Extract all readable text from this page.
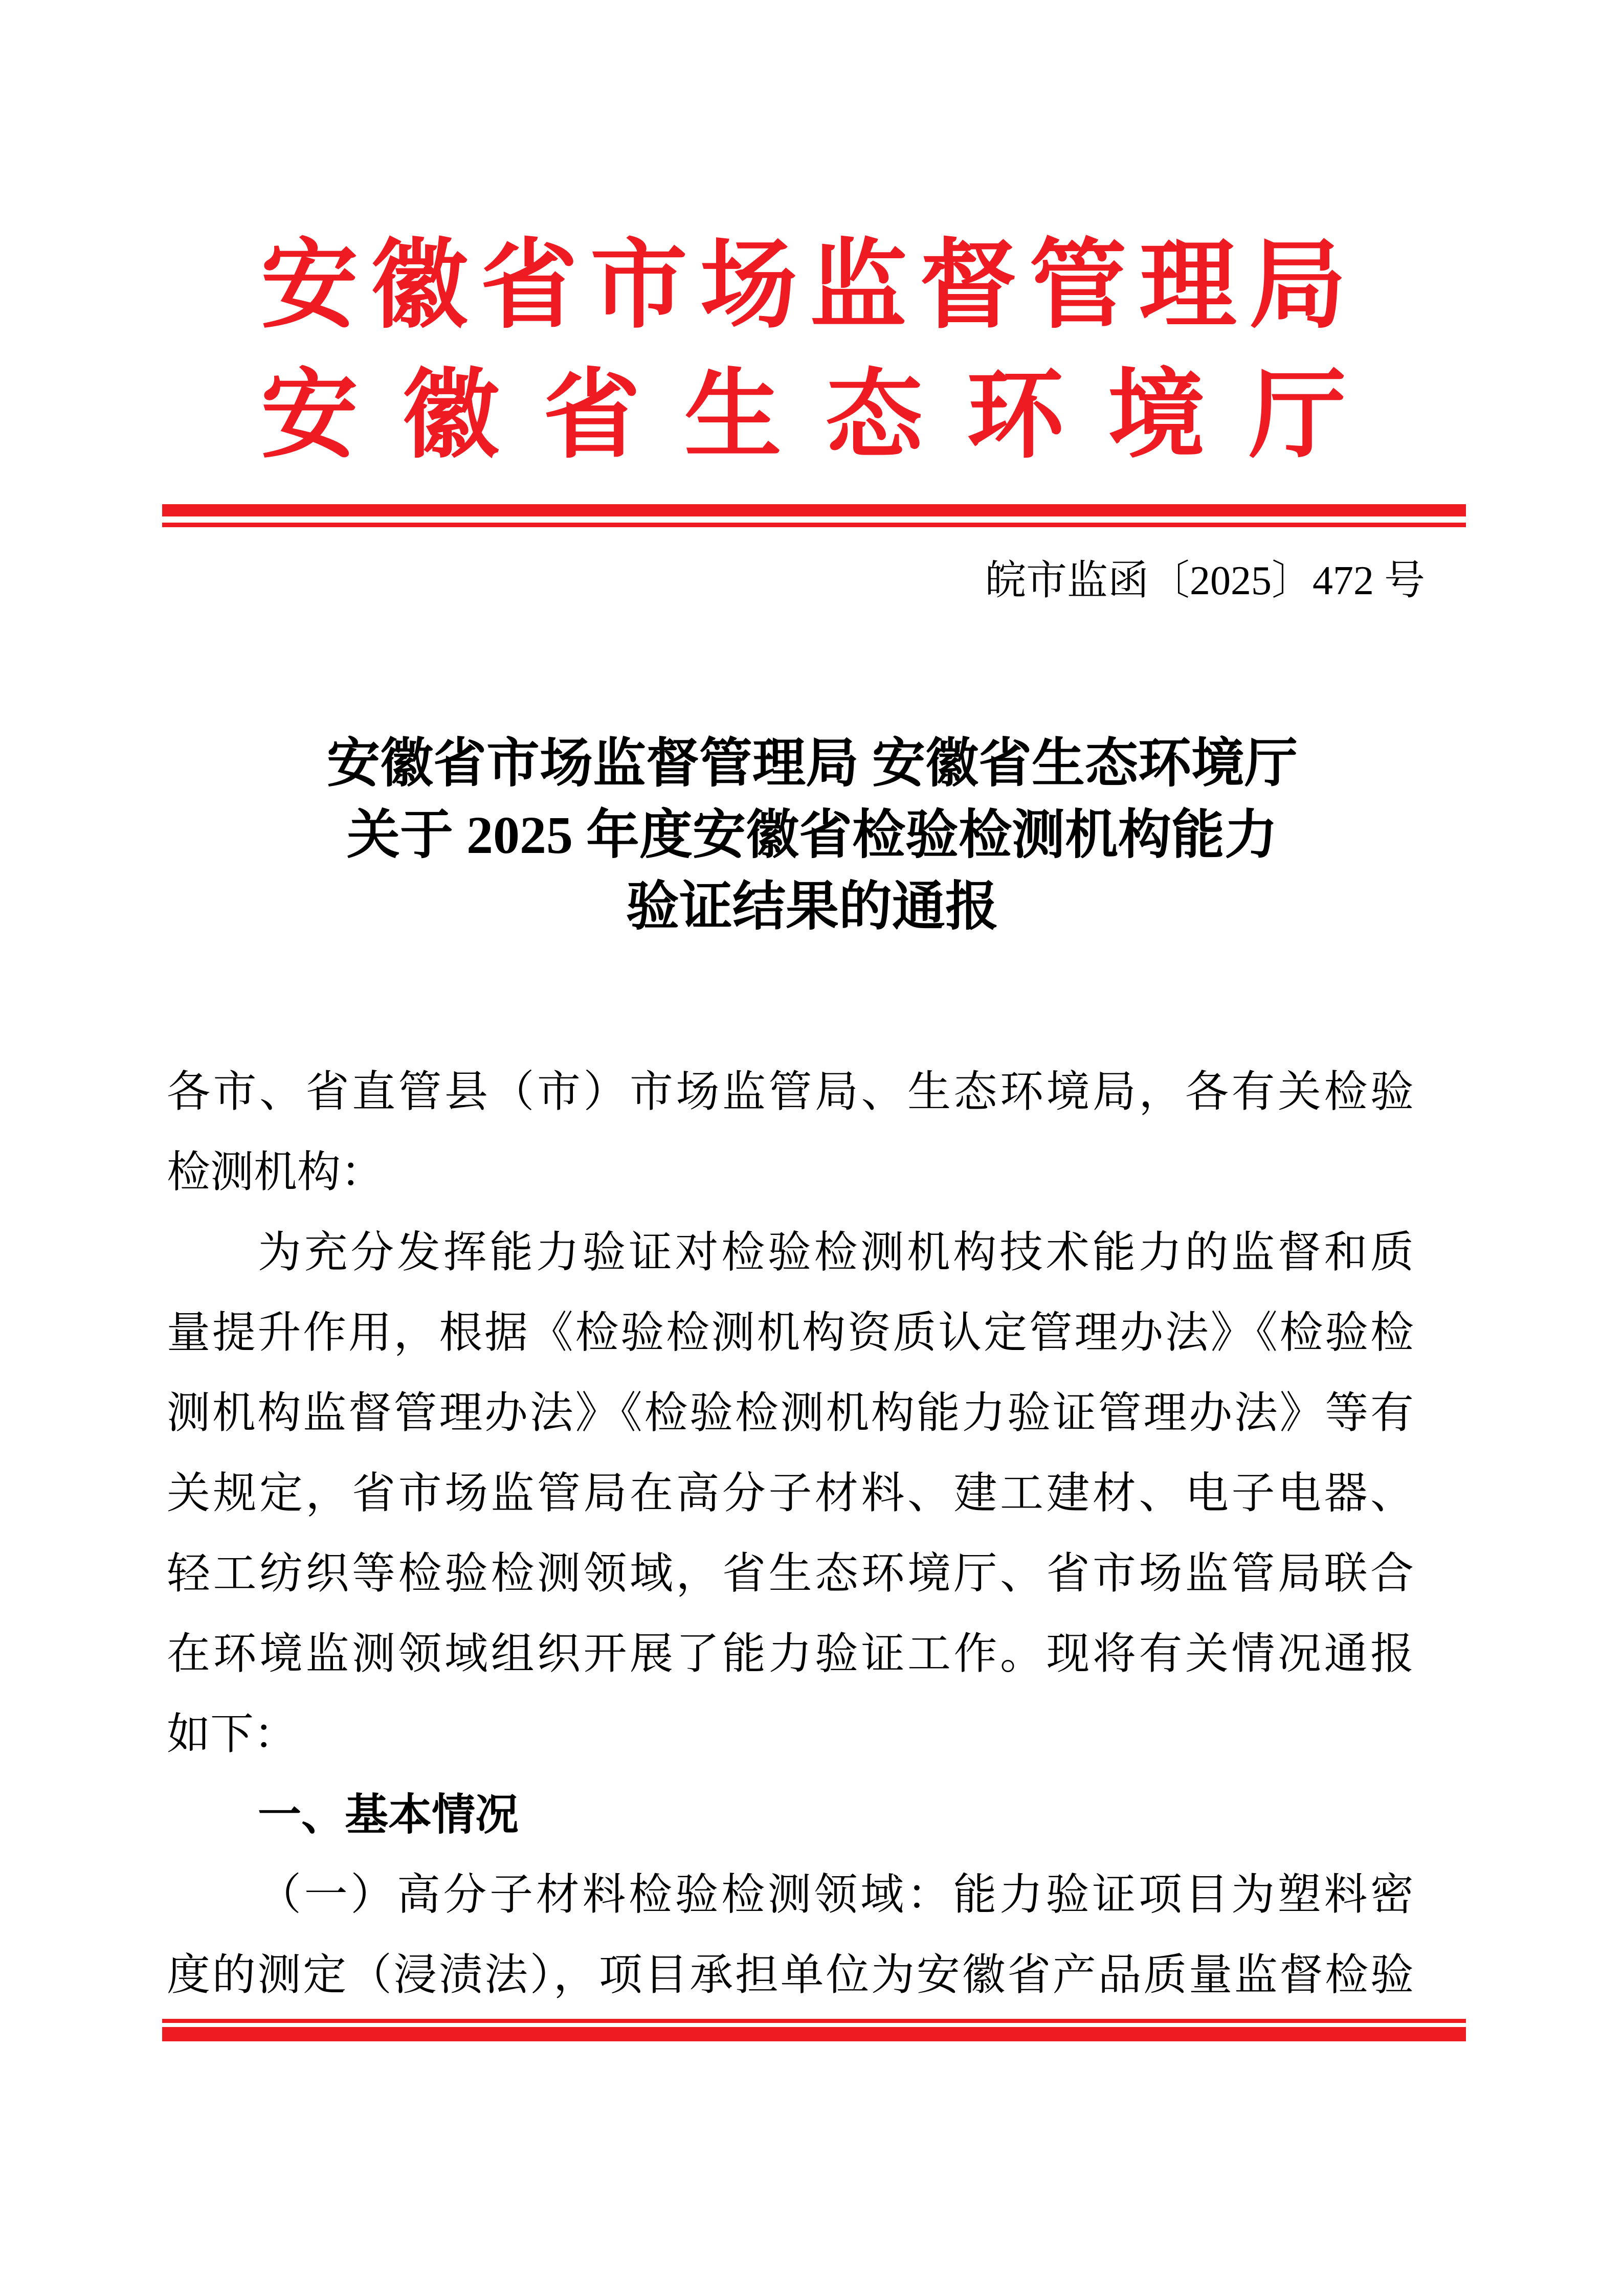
安 徽 省 市 场 监 督 管 理 局
安 徽 省 生 态 环 境 厅
皖市监函〔2025〕472 号
安徽省市场监督管理局 安徽省生态环境厅
关于 2025 年度安徽省检验检测机构能力
验证结果的通报

各市、省直管县（市）市场监管局、生态环境局，各有关检验

检测机构：

为充分发挥能力验证对检验检测机构技术能力的监督和质

量提升作用，根据《检验检测机构资质认定管理办法》《检验检

测机构监督管理办法》《检验检测机构能力验证管理办法》等有

关规定，省市场监管局在高分子材料、建工建材、电子电器、

轻工纺织等检验检测领域，省生态环境厅、省市场监管局联合

在环境监测领域组织开展了能力验证工作。现将有关情况通报

如下：

一、基本情况

（一）高分子材料检验检测领域：能力验证项目为塑料密

度的测定（浸渍法），项目承担单位为安徽省产品质量监督检验
